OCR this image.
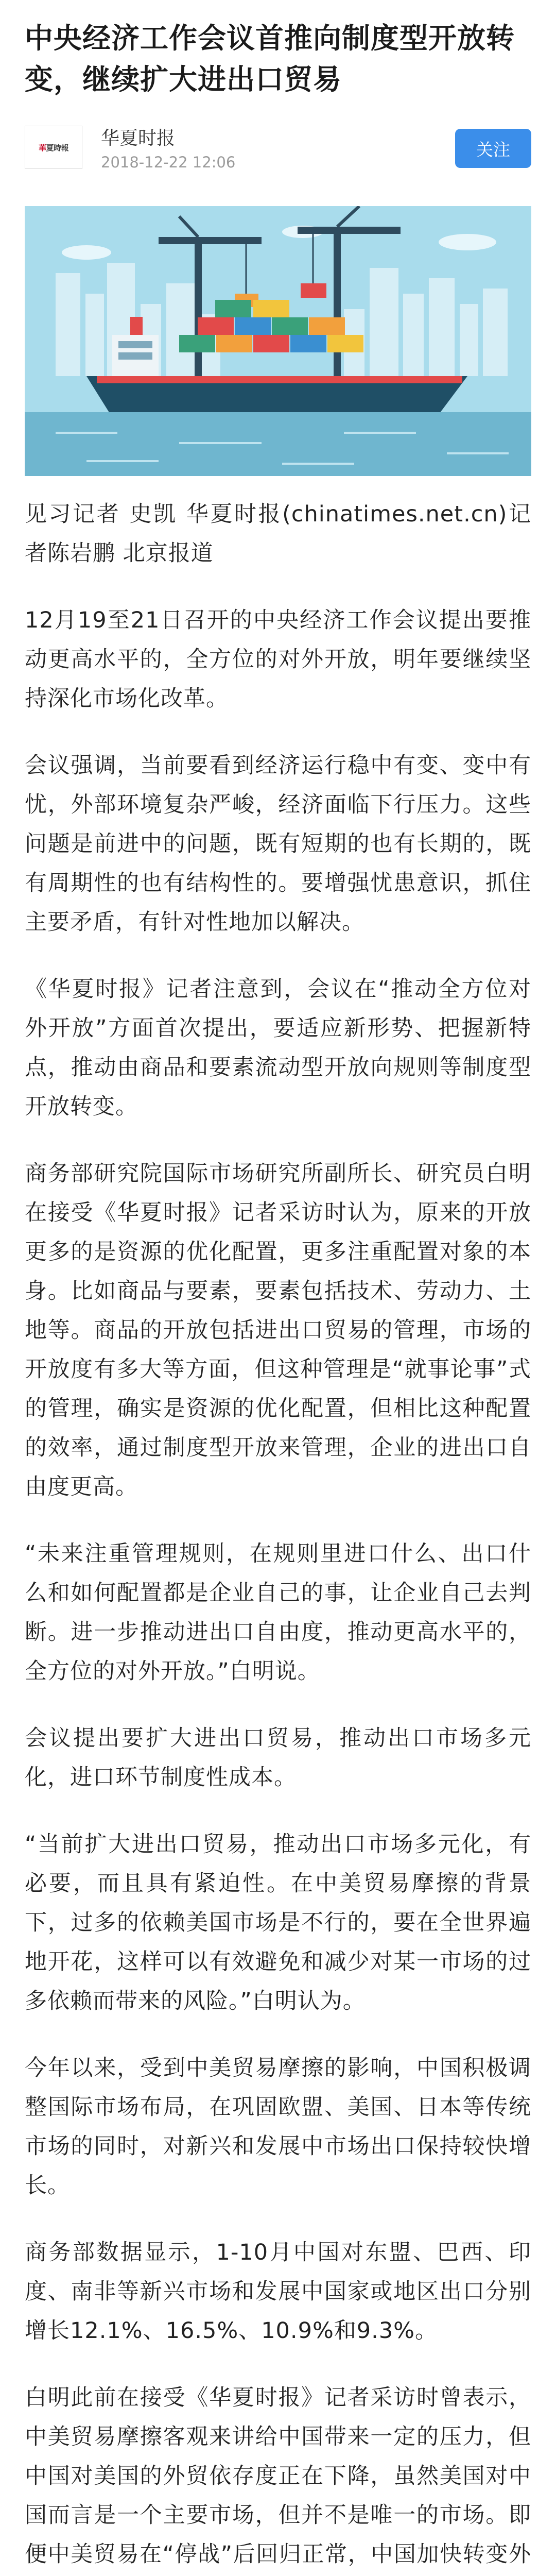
中央经济工作会议首推向制度型开放转变，继续扩大进出口贸易
華夏時報 华夏时报
2018-12-22 12:06
关注

见习记者 史凯 华夏时报(chinatimes.net.cn)记者陈岩鹏 北京报道

12月19至21日召开的中央经济工作会议提出要推动更高水平的，全方位的对外开放，明年要继续坚持深化市场化改革。

会议强调，当前要看到经济运行稳中有变、变中有忧，外部环境复杂严峻，经济面临下行压力。这些问题是前进中的问题，既有短期的也有长期的，既有周期性的也有结构性的。要增强忧患意识，抓住主要矛盾，有针对性地加以解决。

《华夏时报》记者注意到，会议在“推动全方位对外开放”方面首次提出，要适应新形势、把握新特点，推动由商品和要素流动型开放向规则等制度型开放转变。

商务部研究院国际市场研究所副所长、研究员白明在接受《华夏时报》记者采访时认为，原来的开放更多的是资源的优化配置，更多注重配置对象的本身。比如商品与要素，要素包括技术、劳动力、土地等。商品的开放包括进出口贸易的管理，市场的开放度有多大等方面，但这种管理是“就事论事”式的管理，确实是资源的优化配置，但相比这种配置的效率，通过制度型开放来管理，企业的进出口自由度更高。

“未来注重管理规则，在规则里进口什么、出口什么和如何配置都是企业自己的事，让企业自己去判断。进一步推动进出口自由度，推动更高水平的，全方位的对外开放。”白明说。

会议提出要扩大进出口贸易，推动出口市场多元化，进口环节制度性成本。

“当前扩大进出口贸易，推动出口市场多元化，有必要，而且具有紧迫性。在中美贸易摩擦的背景下，过多的依赖美国市场是不行的，要在全世界遍地开花，这样可以有效避免和减少对某一市场的过多依赖而带来的风险。”白明认为。

今年以来，受到中美贸易摩擦的影响，中国积极调整国际市场布局，在巩固欧盟、美国、日本等传统市场的同时，对新兴和发展中市场出口保持较快增长。

商务部数据显示，1-10月中国对东盟、巴西、印度、南非等新兴市场和发展中国家或地区出口分别增长12.1%、16.5%、10.9%和9.3%。

白明此前在接受《华夏时报》记者采访时曾表示，中美贸易摩擦客观来讲给中国带来一定的压力，但中国对美国的外贸依存度正在下降，虽然美国对中国而言是一个主要市场，但并不是唯一的市场。即便中美贸易在“停战”后回归正常，中国加快转变外
